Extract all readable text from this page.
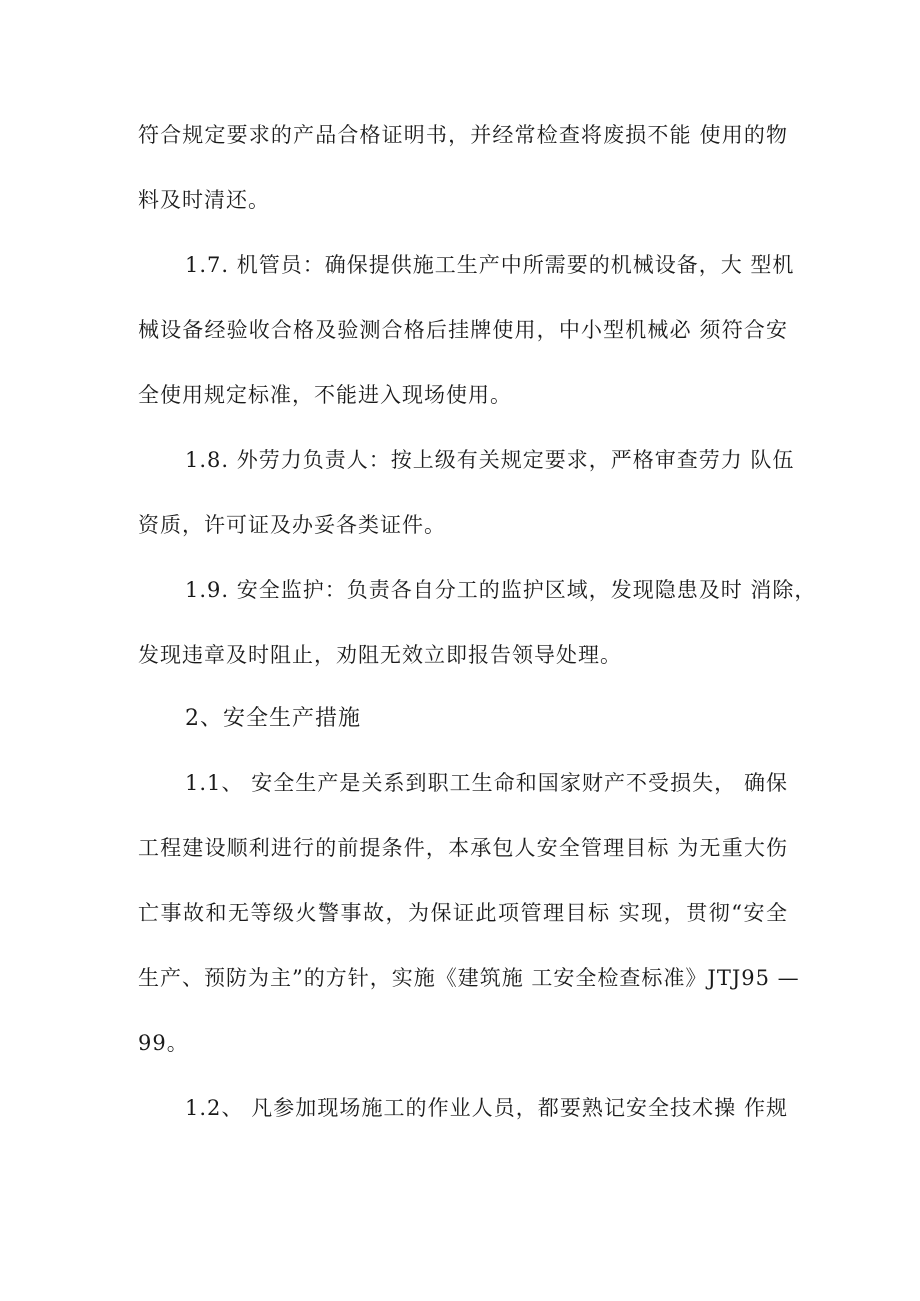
符合规定要求的产品合格证明书，并经常检查将废损不能 使用的物
料及时清还。
1.7. 机管员：确保提供施工生产中所需要的机械设备，大 型机
械设备经验收合格及验测合格后挂牌使用，中小型机械必 须符合安
全使用规定标准，不能进入现场使用。
1.8. 外劳力负责人：按上级有关规定要求，严格审查劳力 队伍
资质，许可证及办妥各类证件。
1.9. 安全监护：负责各自分工的监护区域，发现隐患及时 消除，
发现违章及时阻止，劝阻无效立即报告领导处理。
2、安全生产措施
1.1、 安全生产是关系到职工生命和国家财产不受损失， 确保
工程建设顺利进行的前提条件，本承包人安全管理目标 为无重大伤
亡事故和无等级火警事故，为保证此项管理目标 实现，贯彻“安全
生产、预防为主”的方针，实施《建筑施 工安全检查标准》JTJ95 —
99。
1.2、 凡参加现场施工的作业人员，都要熟记安全技术操 作规
